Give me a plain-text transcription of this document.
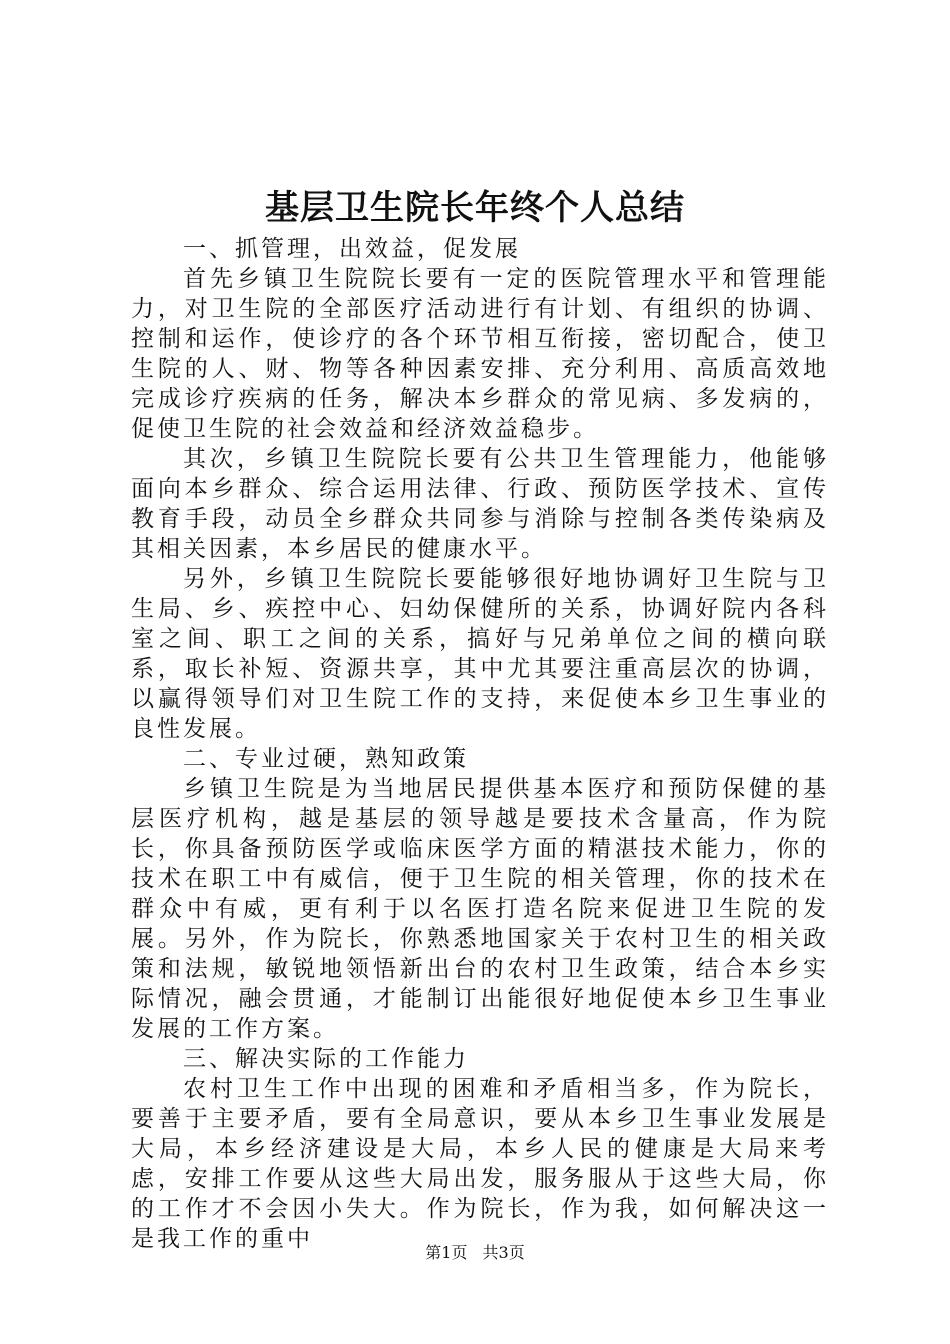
基层卫生院长年终个人总结

一、抓管理，出效益，促发展

首先乡镇卫生院院长要有一定的医院管理水平和管理能力，对卫生院的全部医疗活动进行有计划、有组织的协调、控制和运作，使诊疗的各个环节相互衔接，密切配合，使卫生院的人、财、物等各种因素安排、充分利用、高质高效地完成诊疗疾病的任务，解决本乡群众的常见病、多发病的，促使卫生院的社会效益和经济效益稳步。

其次，乡镇卫生院院长要有公共卫生管理能力，他能够面向本乡群众、综合运用法律、行政、预防医学技术、宣传教育手段，动员全乡群众共同参与消除与控制各类传染病及其相关因素，本乡居民的健康水平。

另外，乡镇卫生院院长要能够很好地协调好卫生院与卫生局、乡、疾控中心、妇幼保健所的关系，协调好院内各科室之间、职工之间的关系，搞好与兄弟单位之间的横向联系，取长补短、资源共享，其中尤其要注重高层次的协调，以赢得领导们对卫生院工作的支持，来促使本乡卫生事业的良性发展。

二、专业过硬，熟知政策

乡镇卫生院是为当地居民提供基本医疗和预防保健的基层医疗机构，越是基层的领导越是要技术含量高，作为院长，你具备预防医学或临床医学方面的精湛技术能力，你的技术在职工中有威信，便于卫生院的相关管理，你的技术在群众中有威，更有利于以名医打造名院来促进卫生院的发展。另外，作为院长，你熟悉地国家关于农村卫生的相关政策和法规，敏锐地领悟新出台的农村卫生政策，结合本乡实际情况，融会贯通，才能制订出能很好地促使本乡卫生事业发展的工作方案。

三、解决实际的工作能力

农村卫生工作中出现的困难和矛盾相当多，作为院长，要善于主要矛盾，要有全局意识，要从本乡卫生事业发展是大局，本乡经济建设是大局，本乡人民的健康是大局来考虑，安排工作要从这些大局出发，服务服从于这些大局，你的工作才不会因小失大。作为院长，作为我，如何解决这一是我工作的重中

第1页 共3页
